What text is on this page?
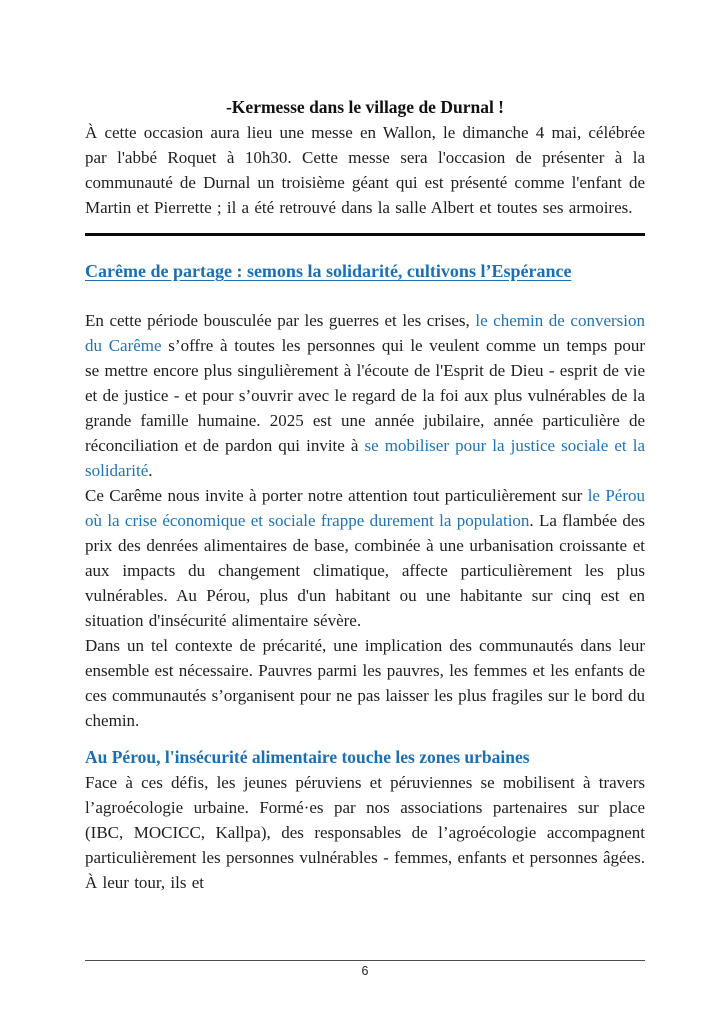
-Kermesse dans le village de Durnal !

À cette occasion aura lieu une messe en Wallon, le dimanche 4 mai, célébrée par l'abbé Roquet à 10h30. Cette messe sera l'occasion de présenter à la communauté de Durnal un troisième géant qui est présenté comme l'enfant de Martin et Pierrette ; il a été retrouvé dans la salle Albert et toutes ses armoires.

Carême de partage : semons la solidarité, cultivons l’Espérance

En cette période bousculée par les guerres et les crises, le chemin de conversion du Carême s’offre à toutes les personnes qui le veulent comme un temps pour se mettre encore plus singulièrement à l'écoute de l'Esprit de Dieu - esprit de vie et de justice - et pour s’ouvrir avec le regard de la foi aux plus vulnérables de la grande famille humaine. 2025 est une année jubilaire, année particulière de réconciliation et de pardon qui invite à se mobiliser pour la justice sociale et la solidarité.

Ce Carême nous invite à porter notre attention tout particulièrement sur le Pérou où la crise économique et sociale frappe durement la population. La flambée des prix des denrées alimentaires de base, combinée à une urbanisation croissante et aux impacts du changement climatique, affecte particulièrement les plus vulnérables. Au Pérou, plus d'un habitant ou une habitante sur cinq est en situation d'insécurité alimentaire sévère.

Dans un tel contexte de précarité, une implication des communautés dans leur ensemble est nécessaire. Pauvres parmi les pauvres, les femmes et les enfants de ces communautés s’organisent pour ne pas laisser les plus fragiles sur le bord du chemin.

Au Pérou, l'insécurité alimentaire touche les zones urbaines

Face à ces défis, les jeunes péruviens et péruviennes se mobilisent à travers l’agroécologie urbaine. Formé·es par nos associations partenaires sur place (IBC, MOCICC, Kallpa), des responsables de l’agroécologie accompagnent particulièrement les personnes vulnérables - femmes, enfants et personnes âgées. À leur tour, ils et

6
